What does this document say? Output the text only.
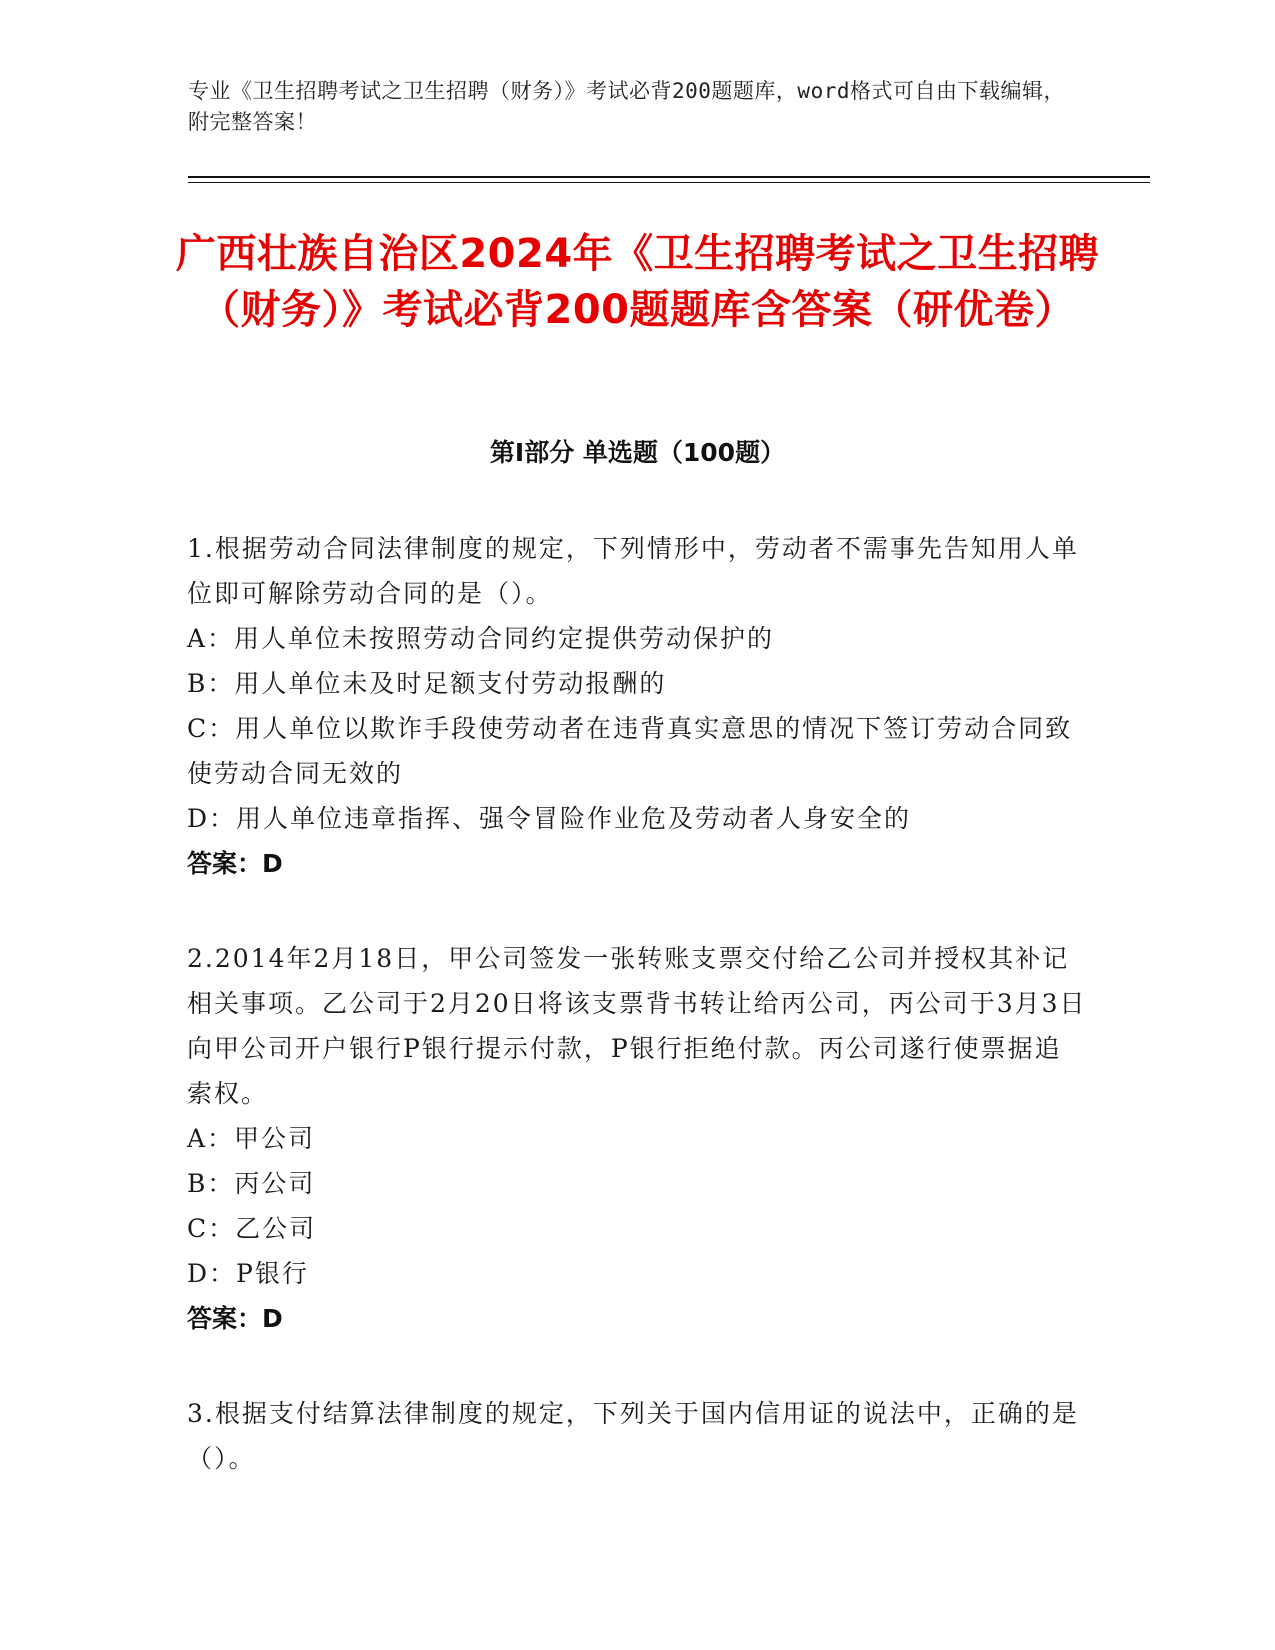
专业《卫生招聘考试之卫生招聘（财务）》考试必背200题题库，word格式可自由下载编辑，附完整答案！
广西壮族自治区2024年《卫生招聘考试之卫生招聘（财务）》考试必背200题题库含答案（研优卷）
第Ⅰ部分 单选题（100题）

1.根据劳动合同法律制度的规定，下列情形中，劳动者不需事先告知用人单位即可解除劳动合同的是（）。

A：用人单位未按照劳动合同约定提供劳动保护的

B：用人单位未及时足额支付劳动报酬的

C：用人单位以欺诈手段使劳动者在违背真实意思的情况下签订劳动合同致使劳动合同无效的

D：用人单位违章指挥、强令冒险作业危及劳动者人身安全的

答案：D

2.2014年2月18日，甲公司签发一张转账支票交付给乙公司并授权其补记相关事项。乙公司于2月20日将该支票背书转让给丙公司，丙公司于3月3日向甲公司开户银行P银行提示付款，P银行拒绝付款。丙公司遂行使票据追索权。

A：甲公司

B：丙公司

C：乙公司

D：P银行

答案：D

3.根据支付结算法律制度的规定，下列关于国内信用证的说法中，正确的是（）。
